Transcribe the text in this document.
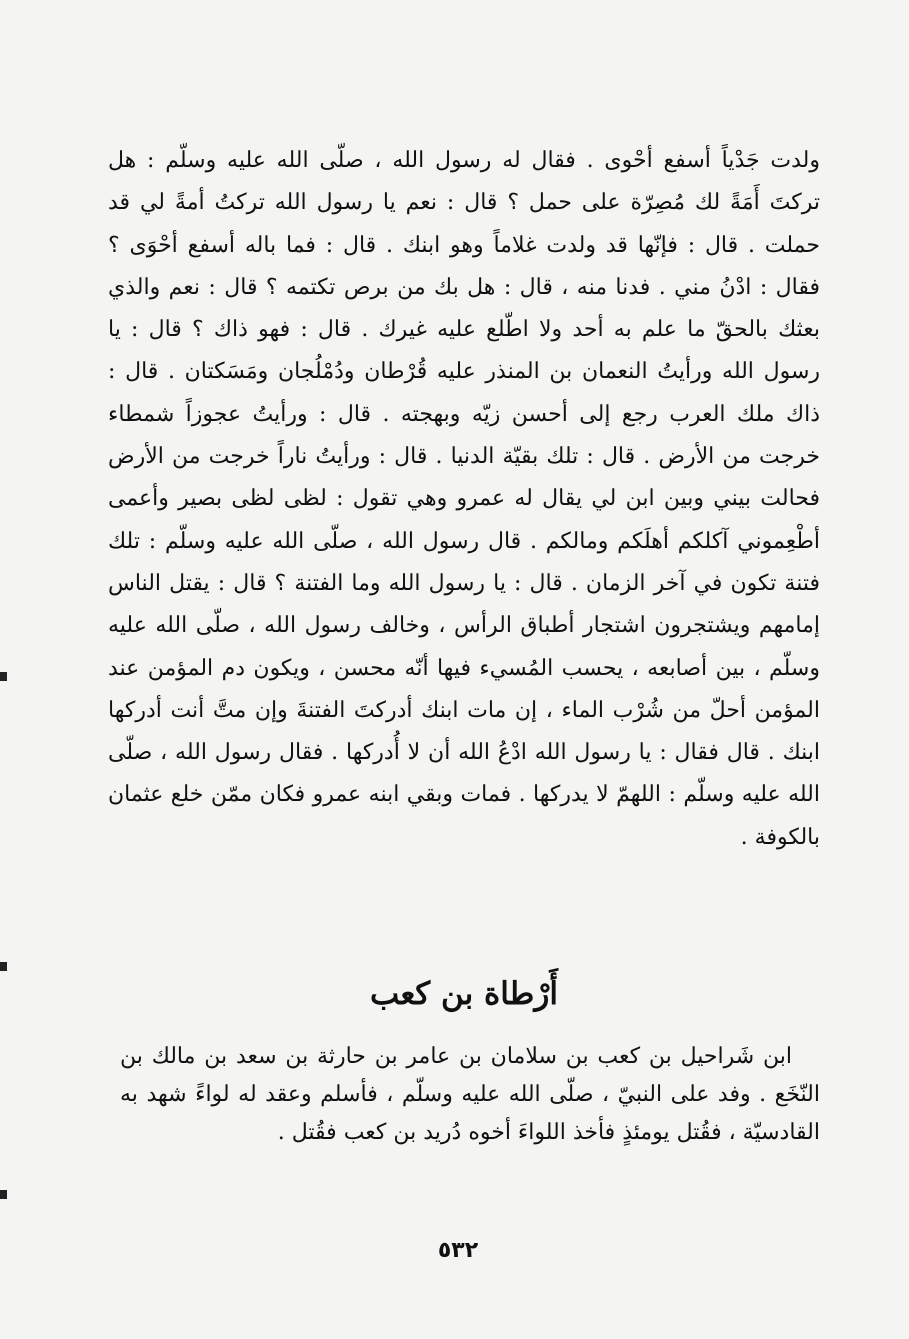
ولدت جَدْياً أسفع أحْوى . فقال له رسول الله ، صلّى الله عليه وسلّم : هل تركتَ أَمَةً لك مُصِرّة على حمل ؟ قال : نعم يا رسول الله تركتُ أمةً لي قد حملت . قال : فإنّها قد ولدت غلاماً وهو ابنك . قال : فما باله أسفع أحْوَى ؟ فقال : ادْنُ مني . فدنا منه ، قال : هل بك من برص تكتمه ؟ قال : نعم والذي بعثك بالحقّ ما علم به أحد ولا اطّلع عليه غيرك . قال : فهو ذاك ؟ قال : يا رسول الله ورأيتُ النعمان بن المنذر عليه قُرْطان ودُمْلُجان ومَسَكتان . قال : ذاك ملك العرب رجع إلى أحسن زيّه وبهجته . قال : ورأيتُ عجوزاً شمطاء خرجت من الأرض . قال : تلك بقيّة الدنيا . قال : ورأيتُ ناراً خرجت من الأرض فحالت بيني وبين ابن لي يقال له عمرو وهي تقول : لظى لظى بصير وأعمى أطْعِموني آكلكم أهلَكم ومالكم . قال رسول الله ، صلّى الله عليه وسلّم : تلك فتنة تكون في آخر الزمان . قال : يا رسول الله وما الفتنة ؟ قال : يقتل الناس إمامهم ويشتجرون اشتجار أطباق الرأس ، وخالف رسول الله ، صلّى الله عليه وسلّم ، بين أصابعه ، يحسب المُسيء فيها أنّه محسن ، ويكون دم المؤمن عند المؤمن أحلّ من شُرْب الماء ، إن مات ابنك أدركتَ الفتنةَ وإن متَّ أنت أدركها ابنك . قال فقال : يا رسول الله ادْعُ الله أن لا أُدركها . فقال رسول الله ، صلّى الله عليه وسلّم : اللهمّ لا يدركها . فمات وبقي ابنه عمرو فكان ممّن خلع عثمان بالكوفة .

أَرْطاة بن كعب

ابن شَراحيل بن كعب بن سلامان بن عامر بن حارثة بن سعد بن مالك بن النّخَع . وفد على النبيّ ، صلّى الله عليه وسلّم ، فأسلم وعقد له لواءً شهد به القادسيّة ، فقُتل يومئذٍ فأخذ اللواءَ أخوه دُريد بن كعب فقُتل .

٥٣٢
